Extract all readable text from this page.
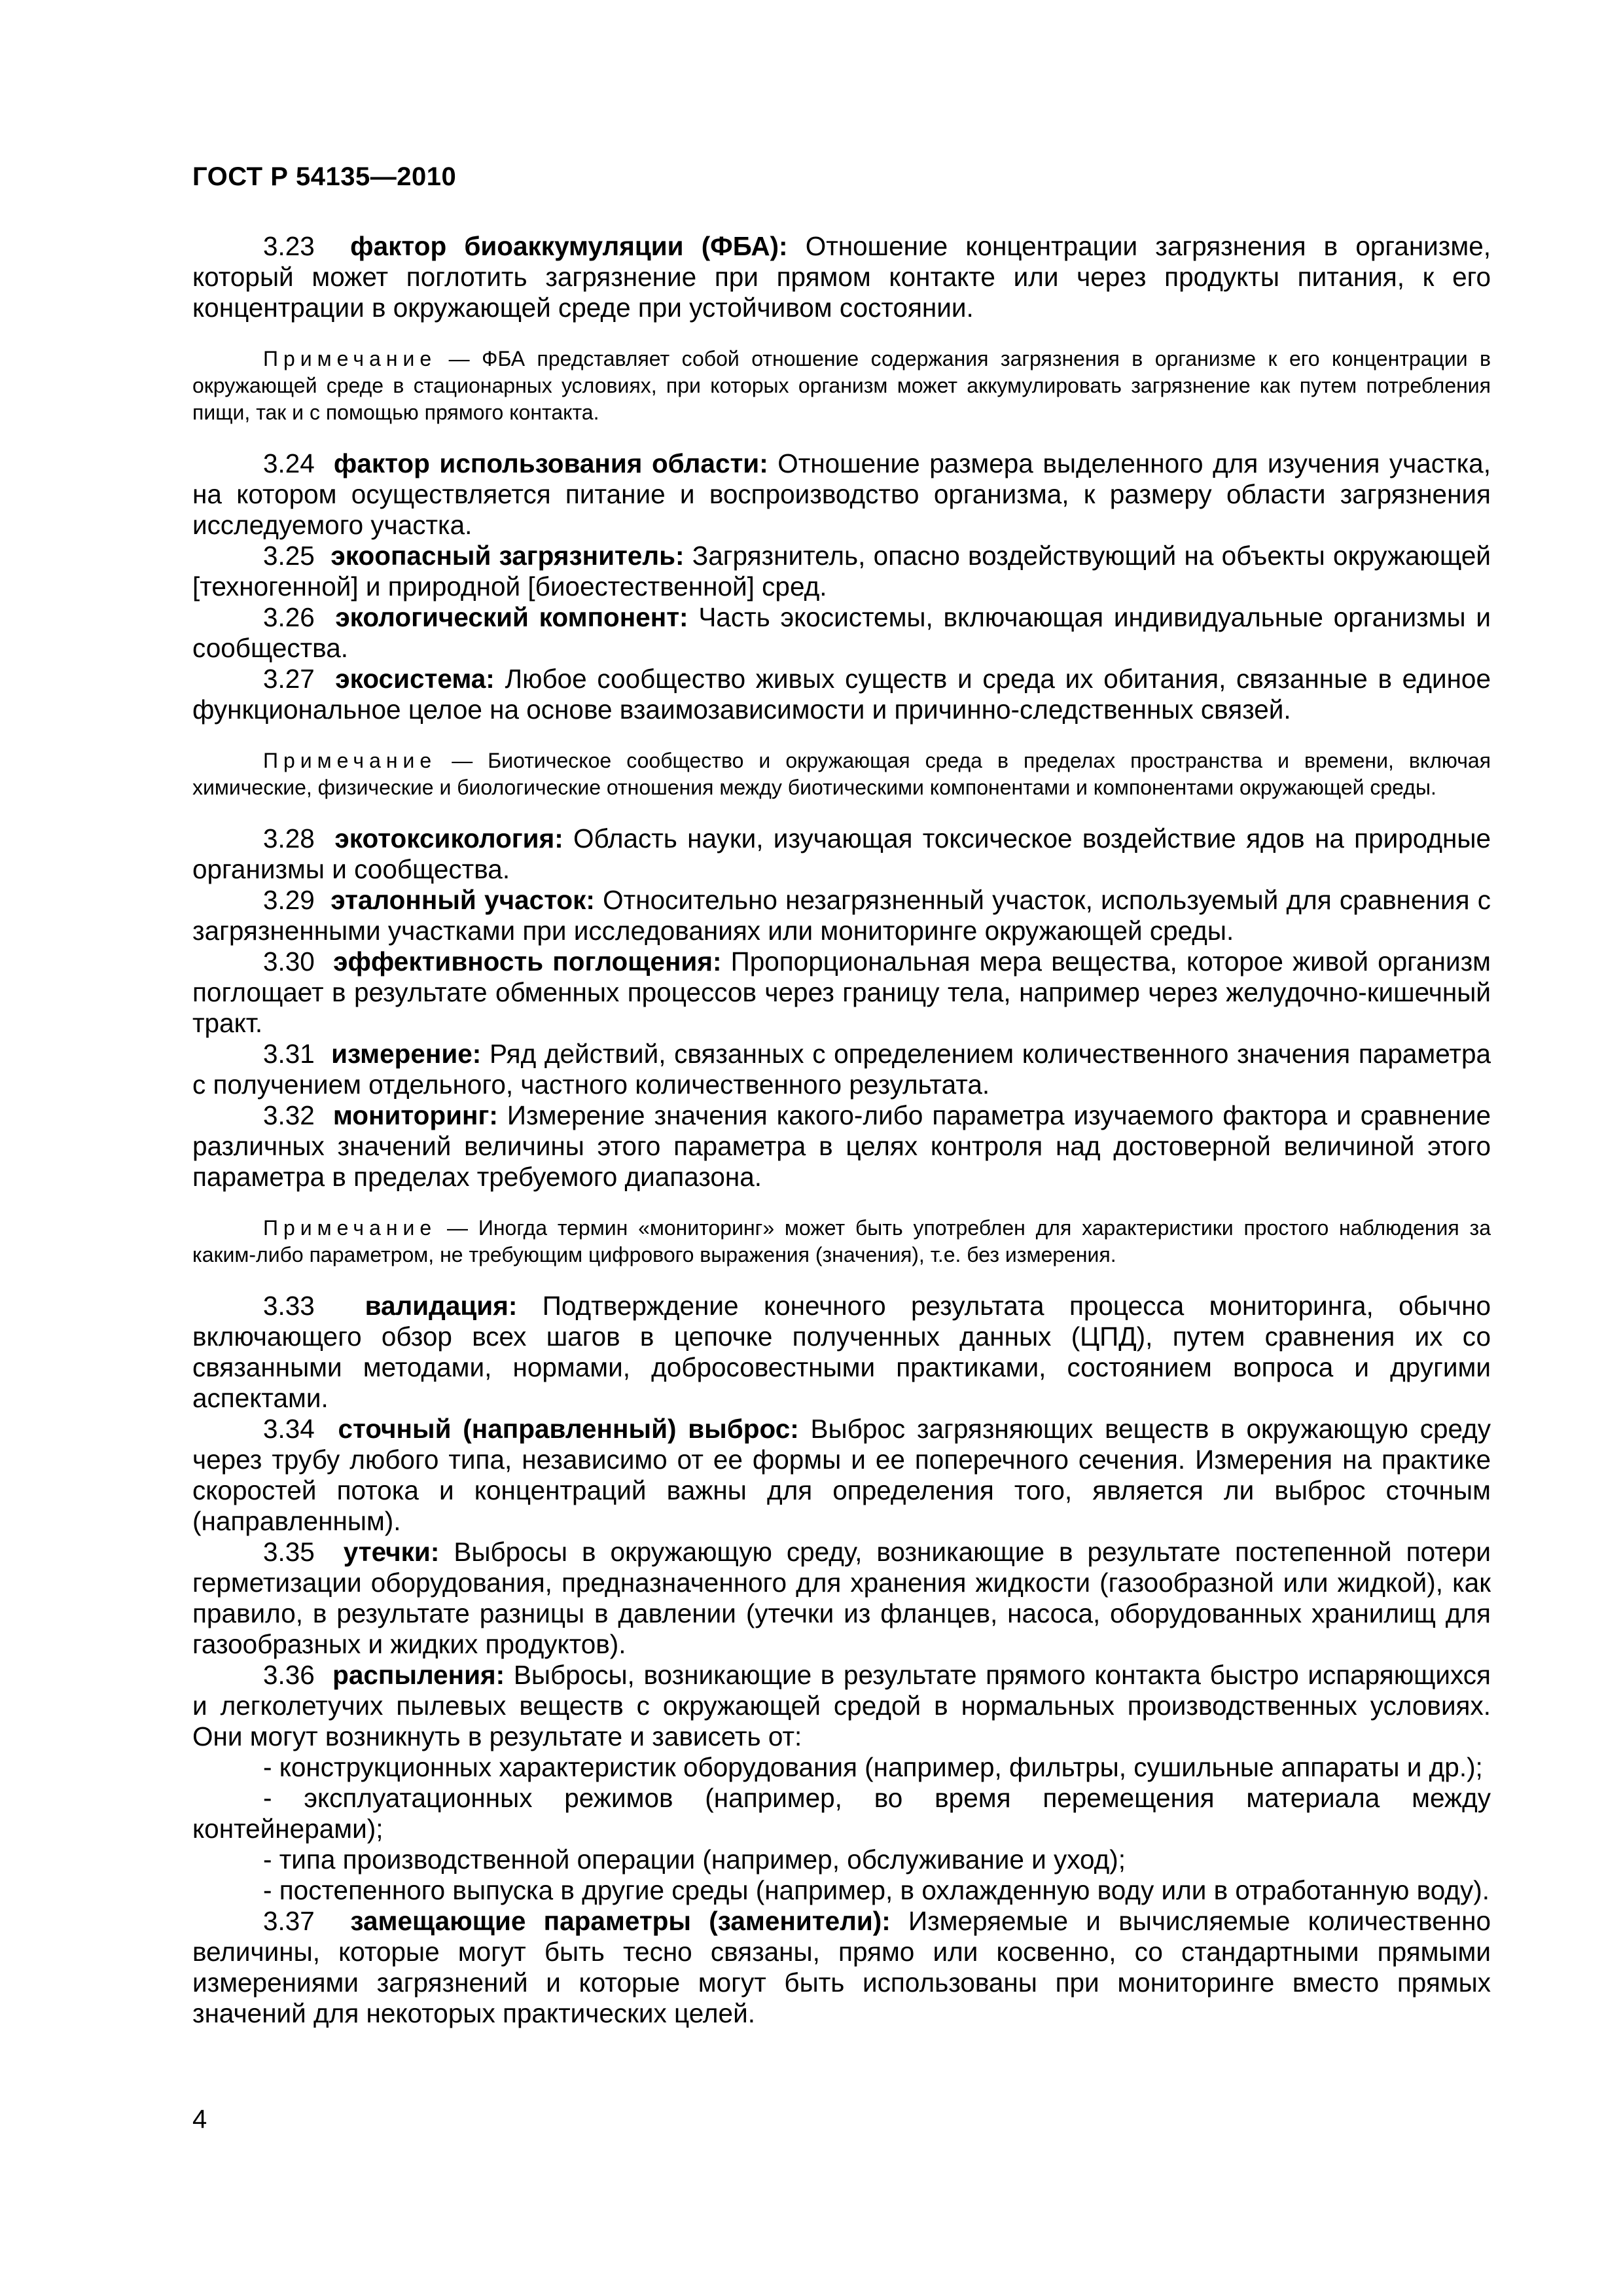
ГОСТ Р 54135—2010

3.23 фактор биоаккумуляции (ФБА): Отношение концентрации загрязнения в организме, который может поглотить загрязнение при прямом контакте или через продукты питания, к его концентрации в окружающей среде при устойчивом состоянии.

Примечание — ФБА представляет собой отношение содержания загрязнения в организме к его концентрации в окружающей среде в стационарных условиях, при которых организм может аккумулировать загрязнение как путем потребления пищи, так и с помощью прямого контакта.

3.24 фактор использования области: Отношение размера выделенного для изучения участка, на котором осуществляется питание и воспроизводство организма, к размеру области загрязнения исследуемого участка.

3.25 экоопасный загрязнитель: Загрязнитель, опасно воздействующий на объекты окружающей [техногенной] и природной [биоестественной] сред.

3.26 экологический компонент: Часть экосистемы, включающая индивидуальные организмы и сообщества.

3.27 экосистема: Любое сообщество живых существ и среда их обитания, связанные в единое функциональное целое на основе взаимозависимости и причинно-следственных связей.

Примечание — Биотическое сообщество и окружающая среда в пределах пространства и времени, включая химические, физические и биологические отношения между биотическими компонентами и компонентами окружающей среды.

3.28 экотоксикология: Область науки, изучающая токсическое воздействие ядов на природные организмы и сообщества.

3.29 эталонный участок: Относительно незагрязненный участок, используемый для сравнения с загрязненными участками при исследованиях или мониторинге окружающей среды.

3.30 эффективность поглощения: Пропорциональная мера вещества, которое живой организм поглощает в результате обменных процессов через границу тела, например через желудочно-кишечный тракт.

3.31 измерение: Ряд действий, связанных с определением количественного значения параметра с получением отдельного, частного количественного результата.

3.32 мониторинг: Измерение значения какого-либо параметра изучаемого фактора и сравнение различных значений величины этого параметра в целях контроля над достоверной величиной этого параметра в пределах требуемого диапазона.

Примечание — Иногда термин «мониторинг» может быть употреблен для характеристики простого наблюдения за каким-либо параметром, не требующим цифрового выражения (значения), т.е. без измерения.

3.33 валидация: Подтверждение конечного результата процесса мониторинга, обычно включающего обзор всех шагов в цепочке полученных данных (ЦПД), путем сравнения их со связанными методами, нормами, добросовестными практиками, состоянием вопроса и другими аспектами.

3.34 сточный (направленный) выброс: Выброс загрязняющих веществ в окружающую среду через трубу любого типа, независимо от ее формы и ее поперечного сечения. Измерения на практике скоростей потока и концентраций важны для определения того, является ли выброс сточным (направленным).

3.35 утечки: Выбросы в окружающую среду, возникающие в результате постепенной потери герметизации оборудования, предназначенного для хранения жидкости (газообразной или жидкой), как правило, в результате разницы в давлении (утечки из фланцев, насоса, оборудованных хранилищ для газообразных и жидких продуктов).

3.36 распыления: Выбросы, возникающие в результате прямого контакта быстро испаряющихся и легколетучих пылевых веществ с окружающей средой в нормальных производственных условиях. Они могут возникнуть в результате и зависеть от:

- конструкционных характеристик оборудования (например, фильтры, сушильные аппараты и др.);

- эксплуатационных режимов (например, во время перемещения материала между контейнерами);

- типа производственной операции (например, обслуживание и уход);

- постепенного выпуска в другие среды (например, в охлажденную воду или в отработанную воду).

3.37 замещающие параметры (заменители): Измеряемые и вычисляемые количественно величины, которые могут быть тесно связаны, прямо или косвенно, со стандартными прямыми измерениями загрязнений и которые могут быть использованы при мониторинге вместо прямых значений для некоторых практических целей.

4
